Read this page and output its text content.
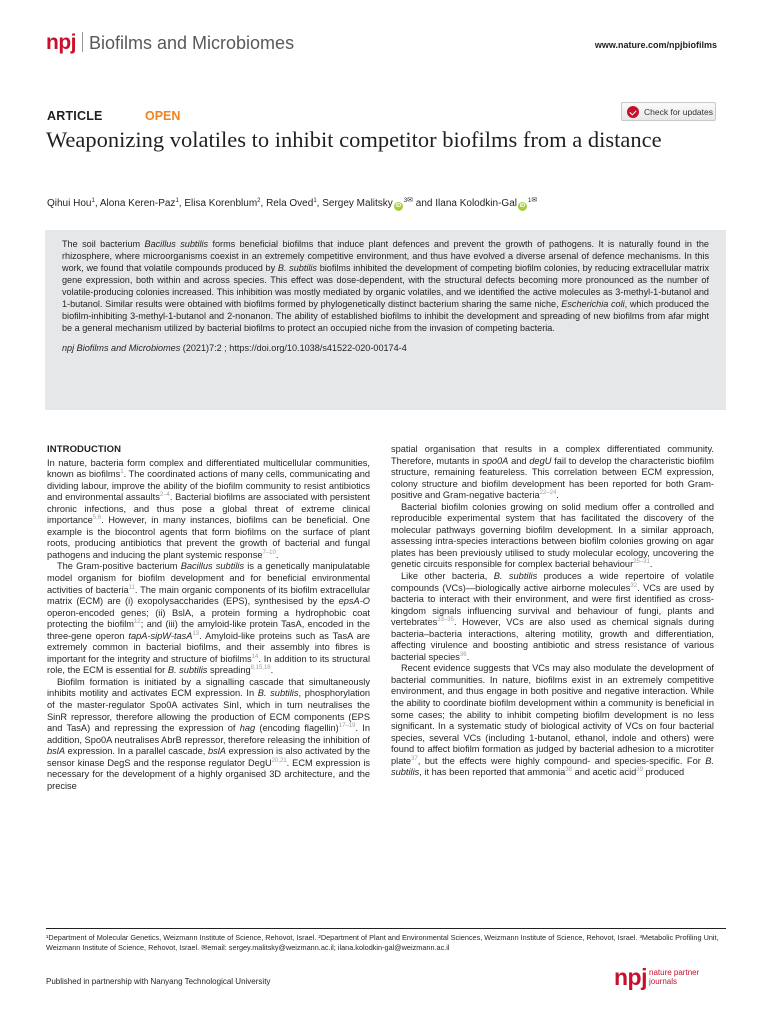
npj Biofilms and Microbiomes	www.nature.com/npjbiofilms
ARTICLE	OPEN	Check for updates
Weaponizing volatiles to inhibit competitor biofilms from a distance
Qihui Hou$^1$, Alona Keren-Paz$^1$, Elisa Korenblum$^2$, Rela Oved$^1$, Sergey Malitsky $iD^{3✉}$ and Ilana Kolodkin-Gal $iD^{1✉}$
The soil bacterium Bacillus subtilis forms beneficial biofilms that induce plant defences and prevent the growth of pathogens. It is naturally found in the rhizosphere, where microorganisms coexist in an extremely competitive environment, and thus have evolved a diverse arsenal of defence mechanisms. In this work, we found that volatile compounds produced by B. subtilis biofilms inhibited the development of competing biofilm colonies, by reducing extracellular matrix gene expression, both within and across species. This effect was dose-dependent, with the structural defects becoming more pronounced as the number of volatile-producing colonies increased. This inhibition was mostly mediated by organic volatiles, and we identified the active molecules as 3-methyl-1-butanol and 1-butanol. Similar results were obtained with biofilms formed by phylogenetically distinct bacterium sharing the same niche, Escherichia coli, which produced the biofilm-inhibiting 3-methyl-1-butanol and 2-nonanon. The ability of established biofilms to inhibit the development and spreading of new biofilms from afar might be a general mechanism utilized by bacterial biofilms to protect an occupied niche from the invasion of competing bacteria.
npj Biofilms and Microbiomes (2021)7:2 ; https://doi.org/10.1038/s41522-020-00174-4
INTRODUCTION

In nature, bacteria form complex and differentiated multicellular communities, known as biofilms$^1$. The coordinated actions of many cells, communicating and dividing labour, improve the ability of the biofilm community to resist antibiotics and environmental assaults$^{2-4}$. Bacterial biofilms are associated with persistent chronic infections, and thus pose a global threat of extreme clinical importance$^{5,6}$. However, in many instances, biofilms can be beneficial. One example is the biocontrol agents that form biofilms on the surface of plant roots, producing antibiotics that prevent the growth of bacterial and fungal pathogens and inducing the plant systemic response$^{7-10}$.

The Gram-positive bacterium Bacillus subtilis is a genetically manipulatable model organism for biofilm development and for beneficial environmental activities of bacteria$^{11}$. The main organic components of its biofilm extracellular matrix (ECM) are (i) exopolysaccharides (EPS), synthesised by the epsA-O operon-encoded genes; (ii) BslA, a protein forming a hydrophobic coat protecting the biofilm$^{12}$; and (iii) the amyloid-like protein TasA, encoded in the three-gene operon tapA-sipW-tasA$^{13}$. Amyloid-like proteins such as TasA are extremely common in bacterial biofilms, and their assembly into fibres is important for the integrity and structure of biofilms$^{14}$. In addition to its structural role, the ECM is essential for B. subtilis spreading$^{8,15,16}$.

Biofilm formation is initiated by a signalling cascade that simultaneously inhibits motility and activates ECM expression. In B. subtilis, phosphorylation of the master-regulator Spo0A activates SinI, which in turn neutralises the SinR repressor, therefore allowing the production of ECM components (EPS and TasA) and repressing the expression of hag (encoding flagellin)$^{17-19}$. In addition, Spo0A neutralises AbrB repressor, therefore releasing the inhibition of bslA expression. In a parallel cascade, bslA expression is also activated by the sensor kinase DegS and the response regulator DegU$^{20,21}$. ECM expression is necessary for the development of a highly organised 3D architecture, and the precise

spatial organisation that results in a complex differentiated community. Therefore, mutants in spo0A and degU fail to develop the characteristic biofilm structure, remaining featureless. This correlation between ECM expression, colony structure and biofilm development has been reported for both Gram-positive and Gram-negative bacteria$^{22-24}$.

Bacterial biofilm colonies growing on solid medium offer a controlled and reproducible experimental system that has facilitated the discovery of the molecular pathways governing biofilm development. In a similar approach, assessing intra-species interactions between biofilm colonies growing on agar plates has been previously utilised to study molecular ecology, uncovering the genetic circuits responsible for complex bacterial behaviour$^{25-31}$.

Like other bacteria, B. subtilis produces a wide repertoire of volatile compounds (VCs)—biologically active airborne molecules$^{32}$. VCs are used by bacteria to interact with their environment, and were first identified as cross-kingdom signals influencing survival and behaviour of fungi, plants and vertebrates$^{33-35}$. However, VCs are also used as chemical signals during bacteria–bacteria interactions, altering motility, growth and differentiation, affecting virulence and boosting antibiotic and stress resistance of various bacterial species$^{36}$.

Recent evidence suggests that VCs may also modulate the development of bacterial communities. In nature, biofilms exist in an extremely competitive environment, and thus engage in both positive and negative interaction. While the ability to coordinate biofilm development within a community is beneficial in some cases; the ability to inhibit competing biofilm development is no less significant. In a systematic study of biological activity of VCs on four bacterial species, several VCs (including 1-butanol, ethanol, indole and others) were found to affect biofilm formation as judged by bacterial adhesion to a microtiter plate$^{37}$, but the effects were highly compound- and species-specific. For B. subtilis, it has been reported that ammonia$^{38}$ and acetic acid$^{39}$ produced

¹Department of Molecular Genetics, Weizmann Institute of Science, Rehovot, Israel. ²Department of Plant and Environmental Sciences, Weizmann Institute of Science, Rehovot, Israel. ³Metabolic Profiling Unit, Weizmann Institute of Science, Rehovot, Israel. ✉email: sergey.malitsky@weizmann.ac.il; ilana.kolodkin-gal@weizmann.ac.il
Published in partnership with Nanyang Technological University	npj nature partner
journals
